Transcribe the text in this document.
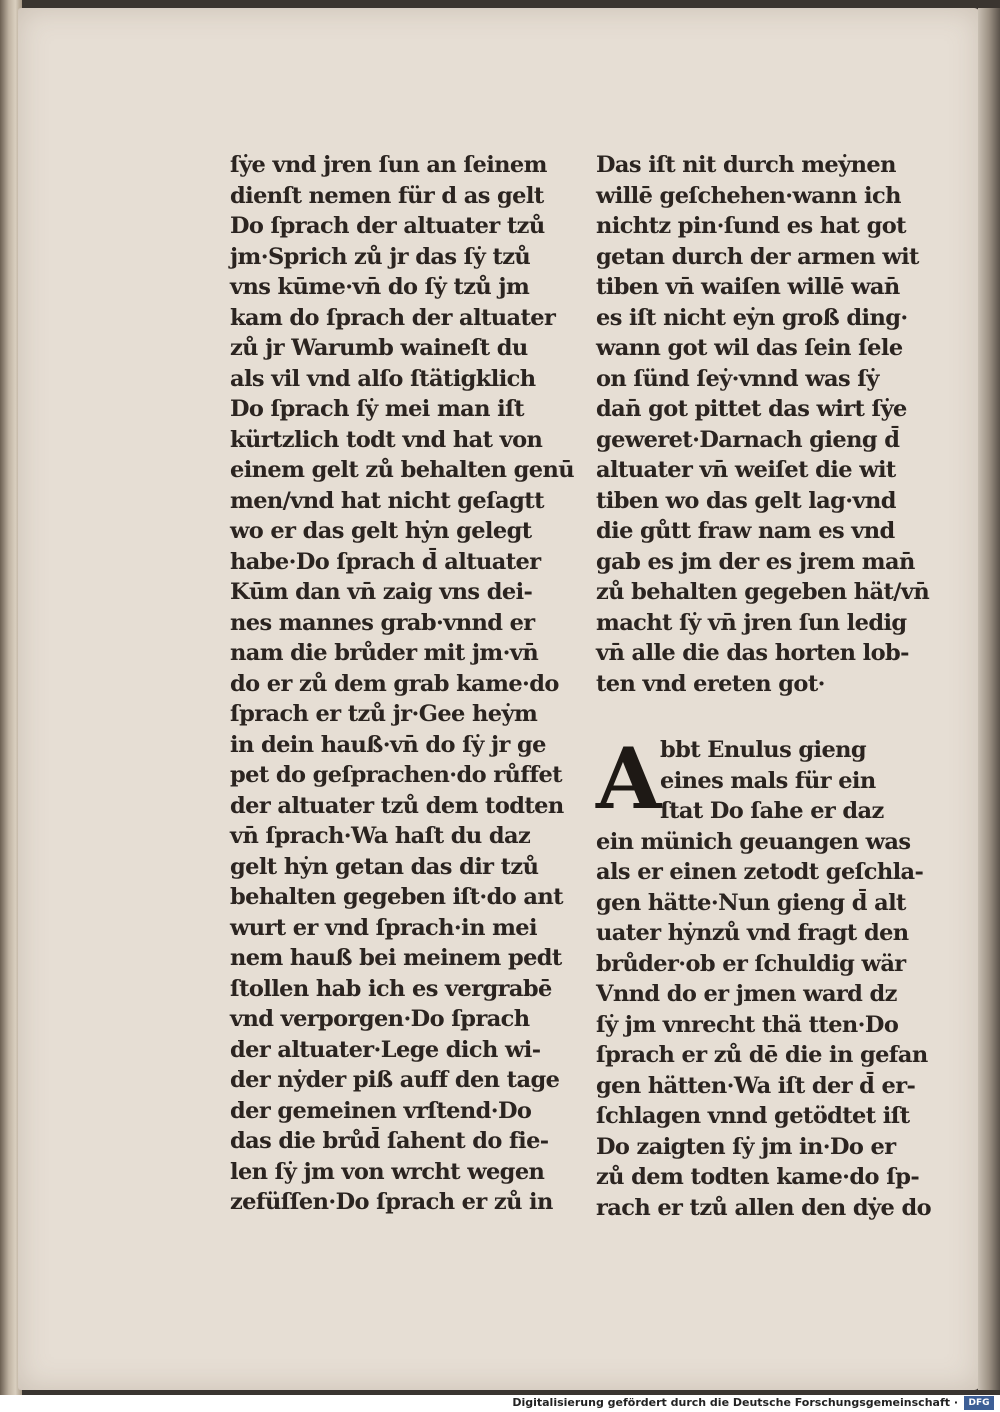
ſẏe vnd jren ſun an ſeinem
dienſt nemen für d as gelt
Do ſprach der altuater tzů
jm·Sprich zů jr das ſẏ tzů
vns kūme·vn̄ do ſẏ tzů jm
kam do ſprach der altuater
zů jr Warumb waineſt du
als vil vnd alſo ſtätigklich
Do ſprach ſẏ mei man iſt
kürtzlich todt vnd hat von
einem gelt zů behalten genū
men/vnd hat nicht geſagtt
wo er das gelt hẏn gelegt
habe·Do ſprach d̄ altuater
Kūm dan vn̄ zaig vns dei-
nes mannes grab·vnnd er
nam die brůder mit jm·vn̄
do er zů dem grab kame·do
ſprach er tzů jr·Gee heẏm
in dein hauß·vn̄ do ſẏ jr ge
pet do geſprachen·do růffet
der altuater tzů dem todten
vn̄ ſprach·Wa haſt du daz
gelt hẏn getan das dir tzů
behalten gegeben iſt·do ant
wurt er vnd ſprach·in mei
nem hauß bei meinem pedt
ſtollen hab ich es vergrabē
vnd verporgen·Do ſprach
der altuater·Lege dich wi-
der nẏder piß auff den tage
der gemeinen vrſtend·Do
das die brůd̄ ſahent do fie-
len ſẏ jm von wrcht wegen
zefüſſen·Do ſprach er zů in
Das iſt nit durch meẏnen
willē geſchehen·wann ich
nichtz pin·ſund es hat got
getan durch der armen wit
tiben vn̄ waiſen willē wan̄
es iſt nicht eẏn groß ding·
wann got wil das ſein ſele
on ſünd ſeẏ·vnnd was ſẏ
dan̄ got pittet das wirt ſẏe
geweret·Darnach gieng d̄
altuater vn̄ weiſet die wit
tiben wo das gelt lag·vnd
die gůtt fraw nam es vnd
gab es jm der es jrem man̄
zů behalten gegeben hät/vn̄
macht ſẏ vn̄ jren ſun ledig
vn̄ alle die das horten lob-
ten vnd ereten got·
A bbt Enulus gieng
eines mals für ein
ſtat Do ſahe er daz
ein münich geuangen was
als er einen zetodt geſchla-
gen hätte·Nun gieng d̄ alt
uater hẏnzů vnd fragt den
brůder·ob er ſchuldig wär
Vnnd do er jmen ward dz
ſẏ jm vnrecht thä tten·Do
ſprach er zů dē die in gefan
gen hätten·Wa iſt der d̄ er-
ſchlagen vnnd getödtet iſt
Do zaigten ſẏ jm in·Do er
zů dem todten kame·do ſp-
rach er tzů allen den dẏe do
Digitalisierung gefördert durch die Deutsche Forschungsgemeinschaft ·	DFG
